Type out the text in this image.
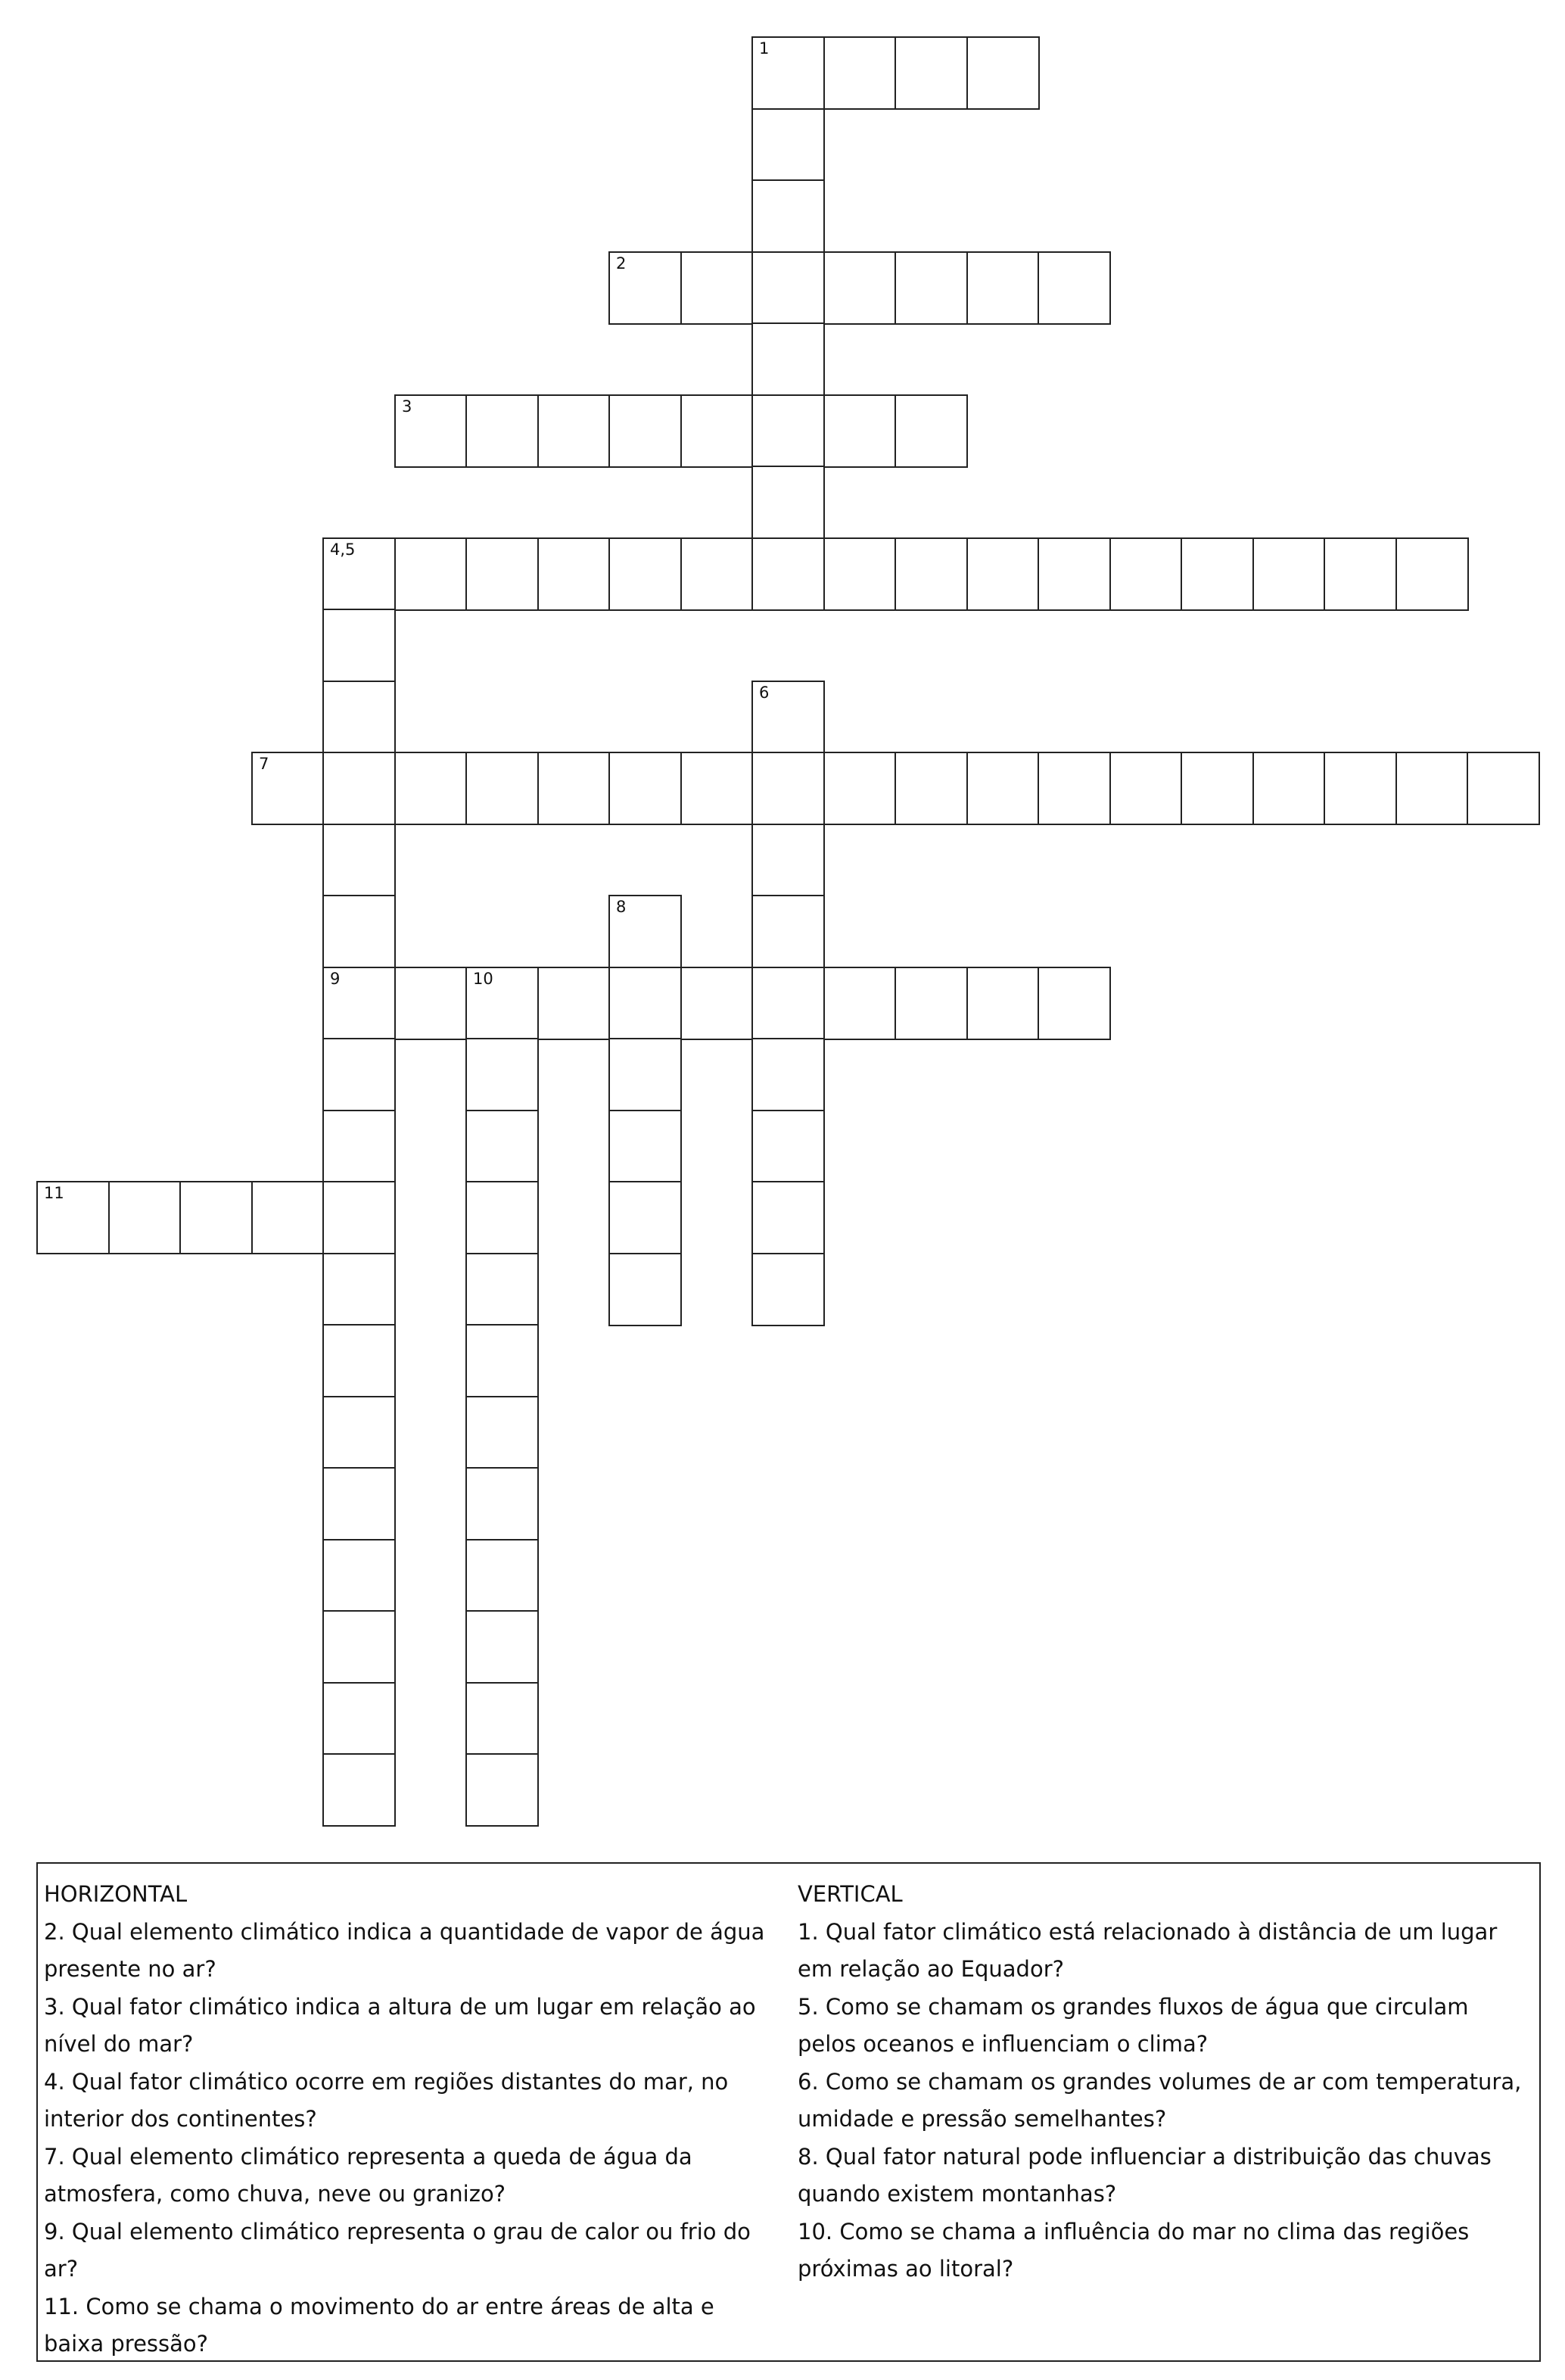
1
2
3
4,5
6
7
8
9	10
11
HORIZONTAL
2. Qual elemento climático indica a quantidade de vapor de água presente no ar?
3. Qual fator climático indica a altura de um lugar em relação ao nível do mar?
4. Qual fator climático ocorre em regiões distantes do mar, no interior dos continentes?
7. Qual elemento climático representa a queda de água da atmosfera, como chuva, neve ou granizo?
9. Qual elemento climático representa o grau de calor ou frio do ar?
11. Como se chama o movimento do ar entre áreas de alta e baixa pressão?
VERTICAL
1. Qual fator climático está relacionado à distância de um lugar em relação ao Equador?
5. Como se chamam os grandes fluxos de água que circulam pelos oceanos e influenciam o clima?
6. Como se chamam os grandes volumes de ar com temperatura, umidade e pressão semelhantes?
8. Qual fator natural pode influenciar a distribuição das chuvas quando existem montanhas?
10. Como se chama a influência do mar no clima das regiões próximas ao litoral?
